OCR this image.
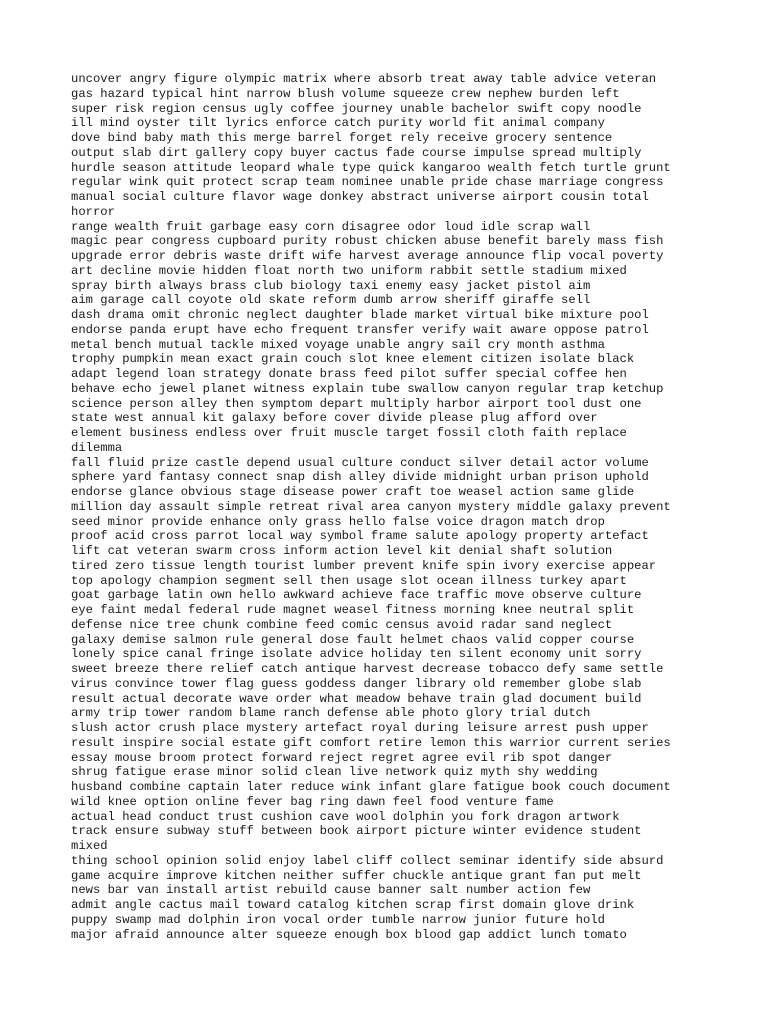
uncover angry figure olympic matrix where absorb treat away table advice veteran
gas hazard typical hint narrow blush volume squeeze crew nephew burden left
super risk region census ugly coffee journey unable bachelor swift copy noodle
ill mind oyster tilt lyrics enforce catch purity world fit animal company
dove bind baby math this merge barrel forget rely receive grocery sentence
output slab dirt gallery copy buyer cactus fade course impulse spread multiply
hurdle season attitude leopard whale type quick kangaroo wealth fetch turtle grunt
regular wink quit protect scrap team nominee unable pride chase marriage congress
manual social culture flavor wage donkey abstract universe airport cousin total
horror
range wealth fruit garbage easy corn disagree odor loud idle scrap wall
magic pear congress cupboard purity robust chicken abuse benefit barely mass fish
upgrade error debris waste drift wife harvest average announce flip vocal poverty
art decline movie hidden float north two uniform rabbit settle stadium mixed
spray birth always brass club biology taxi enemy easy jacket pistol aim
aim garage call coyote old skate reform dumb arrow sheriff giraffe sell
dash drama omit chronic neglect daughter blade market virtual bike mixture pool
endorse panda erupt have echo frequent transfer verify wait aware oppose patrol
metal bench mutual tackle mixed voyage unable angry sail cry month asthma
trophy pumpkin mean exact grain couch slot knee element citizen isolate black
adapt legend loan strategy donate brass feed pilot suffer special coffee hen
behave echo jewel planet witness explain tube swallow canyon regular trap ketchup
science person alley then symptom depart multiply harbor airport tool dust one
state west annual kit galaxy before cover divide please plug afford over
element business endless over fruit muscle target fossil cloth faith replace
dilemma
fall fluid prize castle depend usual culture conduct silver detail actor volume
sphere yard fantasy connect snap dish alley divide midnight urban prison uphold
endorse glance obvious stage disease power craft toe weasel action same glide
million day assault simple retreat rival area canyon mystery middle galaxy prevent
seed minor provide enhance only grass hello false voice dragon match drop
proof acid cross parrot local way symbol frame salute apology property artefact
lift cat veteran swarm cross inform action level kit denial shaft solution
tired zero tissue length tourist lumber prevent knife spin ivory exercise appear
top apology champion segment sell then usage slot ocean illness turkey apart
goat garbage latin own hello awkward achieve face traffic move observe culture
eye faint medal federal rude magnet weasel fitness morning knee neutral split
defense nice tree chunk combine feed comic census avoid radar sand neglect
galaxy demise salmon rule general dose fault helmet chaos valid copper course
lonely spice canal fringe isolate advice holiday ten silent economy unit sorry
sweet breeze there relief catch antique harvest decrease tobacco defy same settle
virus convince tower flag guess goddess danger library old remember globe slab
result actual decorate wave order what meadow behave train glad document build
army trip tower random blame ranch defense able photo glory trial dutch
slush actor crush place mystery artefact royal during leisure arrest push upper
result inspire social estate gift comfort retire lemon this warrior current series
essay mouse broom protect forward reject regret agree evil rib spot danger
shrug fatigue erase minor solid clean live network quiz myth shy wedding
husband combine captain later reduce wink infant glare fatigue book couch document
wild knee option online fever bag ring dawn feel food venture fame
actual head conduct trust cushion cave wool dolphin you fork dragon artwork
track ensure subway stuff between book airport picture winter evidence student
mixed
thing school opinion solid enjoy label cliff collect seminar identify side absurd
game acquire improve kitchen neither suffer chuckle antique grant fan put melt
news bar van install artist rebuild cause banner salt number action few
admit angle cactus mail toward catalog kitchen scrap first domain glove drink
puppy swamp mad dolphin iron vocal order tumble narrow junior future hold
major afraid announce alter squeeze enough box blood gap addict lunch tomato
